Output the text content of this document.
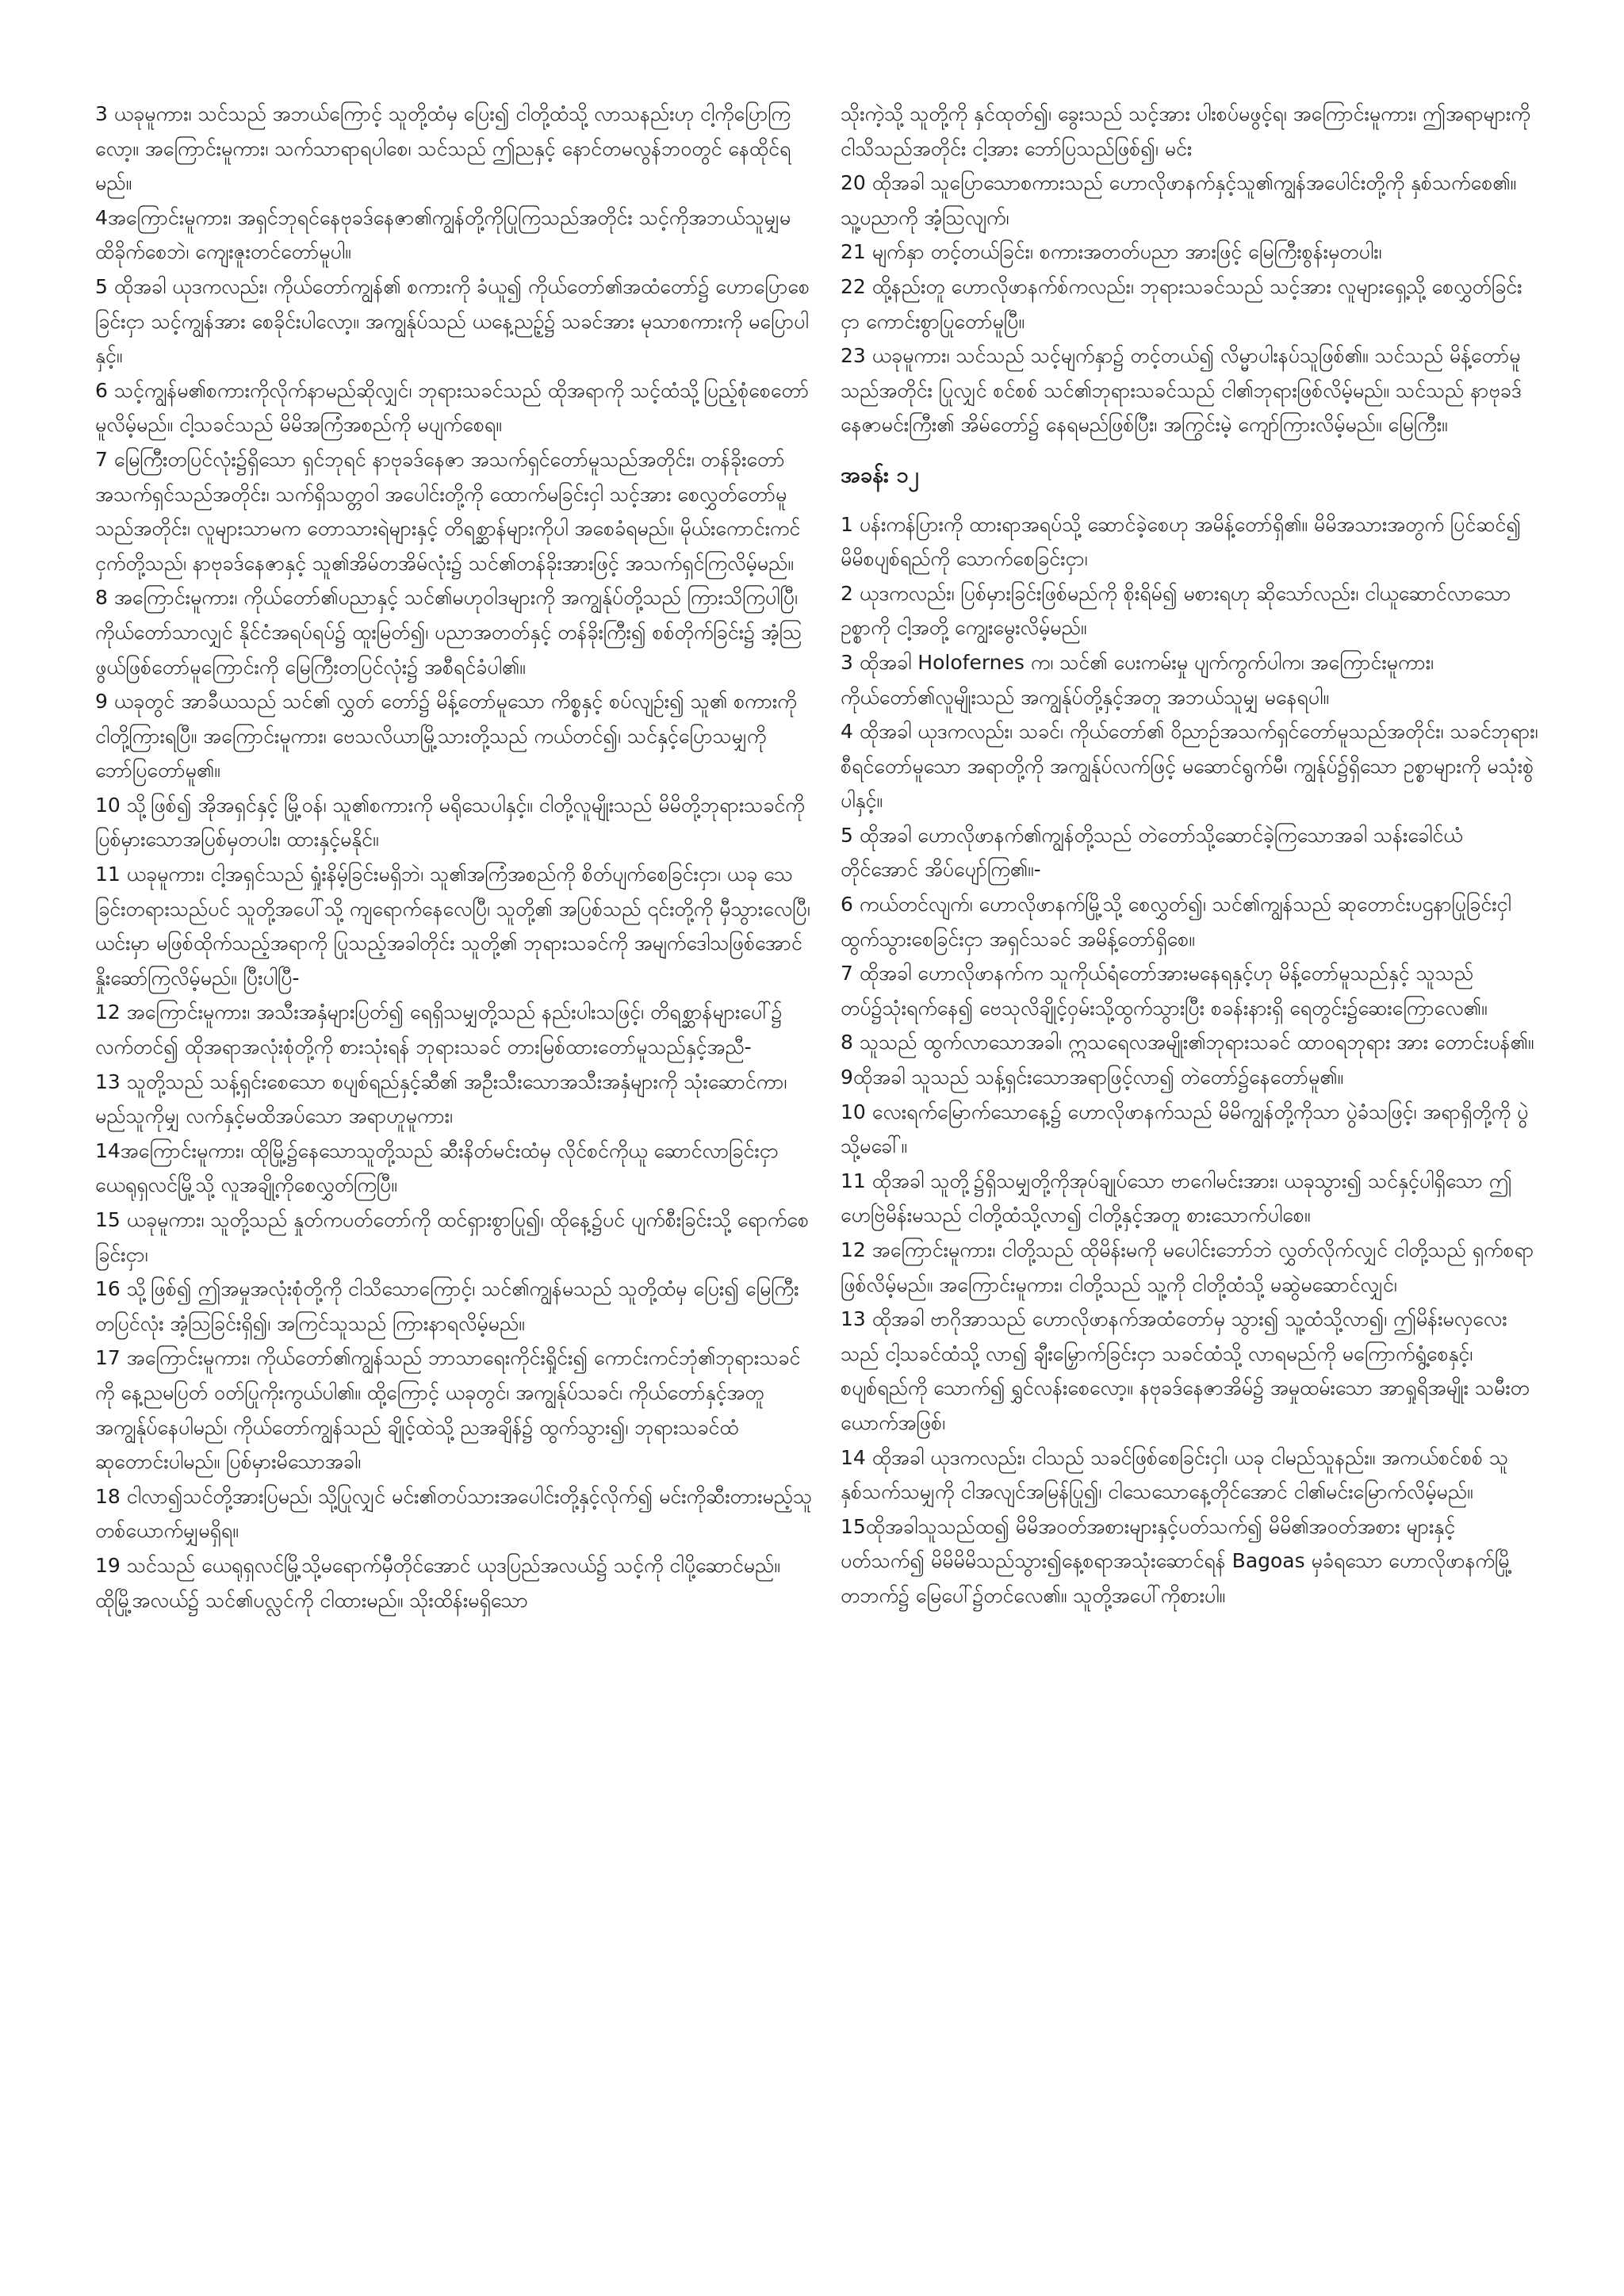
3 ယခုမူကား၊ သင်သည် အဘယ်ကြောင့် သူတို့ထံမှ ပြေး၍ ငါတို့ထံသို့ လာသနည်းဟု ငါ့ကိုပြောကြလော့။ အကြောင်းမူကား၊ သက်သာရာရပါစေ၊ သင်သည် ဤညနှင့် နောင်တမလွန်ဘဝတွင် နေထိုင်ရမည်။

4အကြောင်းမူကား၊ အရှင်ဘုရင်နေဗုခဒ်နေဇာ၏ကျွန်တို့ကိုပြုကြသည်အတိုင်း သင့်ကိုအဘယ်သူမျှမထိခိုက်စေဘဲ၊ ကျေးဇူးတင်တော်မူပါ။

5 ထိုအခါ ယုဒကလည်း၊ ကိုယ်တော်ကျွန်၏ စကားကို ခံယူ၍ ကိုယ်တော်၏အထံတော်၌ ဟောပြောစေခြင်းငှာ သင့်ကျွန်အား စေခိုင်းပါလော့။ အကျွန်ုပ်သည် ယနေ့ညဉ့်၌ သခင်အား မုသာစကားကို မပြောပါနှင့်။

6 သင့်ကျွန်မ၏စကားကိုလိုက်နာမည်ဆိုလျှင်၊ ဘုရားသခင်သည် ထိုအရာကို သင့်ထံသို့ပြည့်စုံစေတော်မူလိမ့်မည်။ ငါ့သခင်သည် မိမိအကြံအစည်ကို မပျက်စေရ။

7 မြေကြီးတပြင်လုံး၌ရှိသော ရှင်ဘုရင် နာဗုခဒ်နေဇာ အသက်ရှင်တော်မူသည်အတိုင်း၊ တန်ခိုးတော်အသက်ရှင်သည်အတိုင်း၊ သက်ရှိသတ္တဝါ အပေါင်းတို့ကို ထောက်မခြင်းငှါ သင့်အား စေလွှတ်တော်မူသည်အတိုင်း၊ လူများသာမက တောသားရဲများနှင့် တိရစ္ဆာန်များကိုပါ အစေခံရမည်။ မိုယ်းကောင်းကင်ငှက်တို့သည်၊ နာဗုခဒ်နေဇာနှင့် သူ၏အိမ်တအိမ်လုံး၌ သင်၏တန်ခိုးအားဖြင့် အသက်ရှင်ကြလိမ့်မည်။

8 အကြောင်းမူကား၊ ကိုယ်တော်၏ပညာနှင့် သင်၏မဟုဝါဒများကို အကျွန်ုပ်တို့သည် ကြားသိကြပါပြီ၊ ကိုယ်တော်သာလျှင် နိုင်ငံအရပ်ရပ်၌ ထူးမြတ်၍၊ ပညာအတတ်နှင့် တန်ခိုးကြီး၍ စစ်တိုက်ခြင်း၌ အံ့သြဖွယ်ဖြစ်တော်မူကြောင်းကို မြေကြီးတပြင်လုံး၌ အစီရင်ခံပါ၏။

9 ယခုတွင် အာခီယသည် သင်၏ လွှတ် တော်၌ မိန့်တော်မူသော ကိစ္စနှင့် စပ်လျဉ်း၍ သူ၏ စကားကို ငါတို့ကြားရပြီ။ အကြောင်းမူကား၊ ဗေသလိယာမြို့သားတို့သည် ကယ်တင်၍၊ သင်နှင့်ပြောသမျှကို ဘော်ပြတော်မူ၏။

10 သို့ဖြစ်၍ အိုအရှင်နှင့် မြို့ဝန်၊ သူ၏စကားကို မရိုသေပါနှင့်။ ငါတို့လူမျိုးသည် မိမိတို့ဘုရားသခင်ကို ပြစ်မှားသောအပြစ်မှတပါး၊ ထားနှင့်မနိုင်။

11 ယခုမူကား၊ ငါ့အရှင်သည် ရှုံးနိမ့်ခြင်းမရှိဘဲ၊ သူ၏အကြံအစည်ကို စိတ်ပျက်စေခြင်းငှာ၊ ယခု သေခြင်းတရားသည်ပင် သူတို့အပေါ်သို့ ကျရောက်နေလေပြီ၊ သူတို့၏ အပြစ်သည် ၎င်းတို့ကို မှီသွားလေပြီ၊ ယင်းမှာ မဖြစ်ထိုက်သည့်အရာကို ပြုသည့်အခါတိုင်း သူတို့၏ ဘုရားသခင်ကို အမျက်ဒေါသဖြစ်အောင် နှိုးဆော်ကြလိမ့်မည်။ ပြီးပါပြီ-

12 အကြောင်းမူကား၊ အသီးအနှံများပြတ်၍ ရေရှိသမျှတို့သည် နည်းပါးသဖြင့်၊ တိရစ္ဆာန်များပေါ်၌ လက်တင်၍ ထိုအရာအလုံးစုံတို့ကို စားသုံးရန် ဘုရားသခင် တားမြစ်ထားတော်မူသည်နှင့်အညီ-

13 သူတို့သည် သန့်ရှင်းစေသော စပျစ်ရည်နှင့်ဆီ၏ အဦးသီးသောအသီးအနှံများကို သုံးဆောင်ကာ၊ မည်သူကိုမျှ လက်နှင့်မထိအပ်သော အရာဟူမူကား၊

14အကြောင်းမူကား၊ ထိုမြို့၌နေသောသူတို့သည် ဆီးနိတ်မင်းထံမှ လိုင်စင်ကိုယူ ဆောင်လာခြင်းငှာ ယေရုရှလင်မြို့သို့ လူအချို့ကိုစေလွှတ်ကြပြီ။

15 ယခုမူကား၊ သူတို့သည် နှုတ်ကပတ်တော်ကို ထင်ရှားစွာပြု၍၊ ထိုနေ့၌ပင် ပျက်စီးခြင်းသို့ ရောက်စေခြင်းငှာ၊

16 သို့ဖြစ်၍ ဤအမှုအလုံးစုံတို့ကို ငါသိသောကြောင့်၊ သင်၏ကျွန်မသည် သူတို့ထံမှ ပြေး၍ မြေကြီးတပြင်လုံး အံ့သြခြင်းရှိ၍၊ အကြင်သူသည် ကြားနာရလိမ့်မည်။

17 အကြောင်းမူကား၊ ကိုယ်တော်၏ကျွန်သည် ဘာသာရေးကိုင်းရှိုင်း၍ ကောင်းကင်ဘုံ၏ဘုရားသခင်ကို နေ့ညမပြတ် ဝတ်ပြုကိုးကွယ်ပါ၏။ ထို့ကြောင့် ယခုတွင်၊ အကျွန်ုပ်သခင်၊ ကိုယ်တော်နှင့်အတူ အကျွန်ုပ်နေပါမည်၊ ကိုယ်တော်ကျွန်သည် ချိုင့်ထဲသို့ ညအချိန်၌ ထွက်သွား၍၊ ဘုရားသခင်ထံ ဆုတောင်းပါမည်။ ပြစ်မှားမိသောအခါ၊

18 ငါလာ၍သင်တို့အားပြမည်၊ သို့ပြုလျှင် မင်း၏တပ်သားအပေါင်းတို့နှင့်လိုက်၍ မင်းကိုဆီးတားမည့်သူတစ်ယောက်မျှမရှိရ။

19 သင်သည် ယေရုရှလင်မြို့သို့မရောက်မှီတိုင်အောင် ယုဒပြည်အလယ်၌ သင့်ကို ငါပို့ဆောင်မည်။ ထိုမြို့အလယ်၌ သင်၏ပလ္လင်ကို ငါထားမည်။ သိုးထိန်းမရှိသော

သိုးကဲ့သို့ သူတို့ကို နှင်ထုတ်၍၊ ခွေးသည် သင့်အား ပါးစပ်မဖွင့်ရ၊ အကြောင်းမူကား၊ ဤအရာများကို ငါသိသည်အတိုင်း ငါ့အား ဘော်ပြသည်ဖြစ်၍၊ မင်း

20 ထိုအခါ သူပြောသောစကားသည် ဟောလိုဖာနက်နှင့်သူ၏ကျွန်အပေါင်းတို့ကို နှစ်သက်စေ၏။ သူ့ပညာကို အံ့သြလျက်၊

21 မျက်နှာ တင့်တယ်ခြင်း၊ စကားအတတ်ပညာ အားဖြင့် မြေကြီးစွန်းမှတပါး၊

22 ထို့နည်းတူ ဟောလိုဖာနက်စ်ကလည်း၊ ဘုရားသခင်သည် သင့်အား လူများရှေ့သို့ စေလွှတ်ခြင်းငှာ ကောင်းစွာပြုတော်မူပြီ။

23 ယခုမူကား၊ သင်သည် သင့်မျက်နှာ၌ တင့်တယ်၍ လိမ္မာပါးနပ်သူဖြစ်၏။ သင်သည် မိန့်တော်မူသည်အတိုင်း ပြုလျှင် စင်စစ် သင်၏ဘုရားသခင်သည် ငါ၏ဘုရားဖြစ်လိမ့်မည်။ သင်သည် နာဗုခဒ်နေဇာမင်းကြီး၏ အိမ်တော်၌ နေရမည်ဖြစ်ပြီး၊ အကြွင်းမဲ့ ကျော်ကြားလိမ့်မည်။ မြေကြီး။

အခန်း ၁၂

1 ပန်းကန်ပြားကို ထားရာအရပ်သို့ ဆောင်ခဲ့စေဟု အမိန့်တော်ရှိ၏။ မိမိအသားအတွက် ပြင်ဆင်၍ မိမိစပျစ်ရည်ကို သောက်စေခြင်းငှာ၊

2 ယုဒကလည်း၊ ပြစ်မှားခြင်းဖြစ်မည်ကို စိုးရိမ်၍ မစားရဟု ဆိုသော်လည်း၊ ငါယူဆောင်လာသော ဥစ္စာကို ငါ့အတို့ ကျွေးမွေးလိမ့်မည်။

3 ထိုအခါ Holofernes က၊ သင်၏ ပေးကမ်းမှု ပျက်ကွက်ပါက၊ အကြောင်းမူကား၊ ကိုယ်တော်၏လူမျိုးသည် အကျွန်ုပ်တို့နှင့်အတူ အဘယ်သူမျှ မနေရပါ။

4 ထိုအခါ ယုဒကလည်း၊ သခင်၊ ကိုယ်တော်၏ ဝိညာဉ်အသက်ရှင်တော်မူသည်အတိုင်း၊ သခင်ဘုရား၊ စီရင်တော်မူသော အရာတို့ကို အကျွန်ုပ်လက်ဖြင့် မဆောင်ရွက်မီ၊ ကျွန်ုပ်၌ရှိသော ဥစ္စာများကို မသုံးစွဲပါနှင့်။

5 ထိုအခါ ဟောလိုဖာနက်၏ကျွန်တို့သည် တဲတော်သို့ဆောင်ခဲ့ကြသောအခါ သန်းခေါင်ယံတိုင်အောင် အိပ်ပျော်ကြ၏။-

6 ကယ်တင်လျက်၊ ဟောလိုဖာနက်မြို့သို့ စေလွှတ်၍၊ သင်၏ကျွန်သည် ဆုတောင်းပဌနာပြုခြင်းငှါ ထွက်သွားစေခြင်းငှာ အရှင်သခင် အမိန့်တော်ရှိစေ။

7 ထိုအခါ ဟောလိုဖာနက်က သူကိုယ်ရံတော်အားမနေရနှင့်ဟု မိန့်တော်မူသည်နှင့် သူသည် တပ်၌သုံးရက်နေ၍ ဗေသုလိချိုင့်ဝှမ်းသို့ထွက်သွားပြီး စခန်းနားရှိ ရေတွင်း၌ဆေးကြောလေ၏။

8 သူသည် ထွက်လာသောအခါ၊ ဣသရေလအမျိုး၏ဘုရားသခင် ထာဝရဘုရား အား တောင်းပန်၏။

9ထိုအခါ သူသည် သန့်ရှင်းသောအရာဖြင့်လာ၍ တဲတော်၌နေတော်မူ၏။

10 လေးရက်မြောက်သောနေ့၌ ဟောလိုဖာနက်သည် မိမိကျွန်တို့ကိုသာ ပွဲခံသဖြင့်၊ အရာရှိတို့ကို ပွဲသို့မခေါ်။

11 ထိုအခါ သူတို့၌ရှိသမျှတို့ကိုအုပ်ချုပ်သော ဗာဂေါမင်းအား၊ ယခုသွား၍ သင်နှင့်ပါရှိသော ဤဟေဗြဲမိန်းမသည် ငါတို့ထံသို့လာ၍ ငါတို့နှင့်အတူ စားသောက်ပါစေ။

12 အကြောင်းမူကား၊ ငါတို့သည် ထိုမိန်းမကို မပေါင်းဘော်ဘဲ လွှတ်လိုက်လျှင် ငါတို့သည် ရှက်စရာဖြစ်လိမ့်မည်။ အကြောင်းမူကား၊ ငါတို့သည် သူ့ကို ငါတို့ထံသို့ မဆွဲမဆောင်လျှင်၊

13 ထိုအခါ ဗာဂိုအာသည် ဟောလိုဖာနက်အထံတော်မှ သွား၍ သူ့ထံသို့လာ၍၊ ဤမိန်းမလှလေးသည် ငါ့သခင်ထံသို့ လာ၍ ချီးမြှောက်ခြင်းငှာ သခင်ထံသို့ လာရမည်ကို မကြောက်ရွံ့စေနှင့်၊ စပျစ်ရည်ကို သောက်၍ ရွှင်လန်းစေလော့။ နဗုခဒ်နေဇာအိမ်၌ အမှုထမ်းသော အာရှုရိအမျိုး သမီးတယောက်အဖြစ်၊

14 ထိုအခါ ယုဒကလည်း၊ ငါသည် သခင်ဖြစ်စေခြင်းငှါ၊ ယခု ငါမည်သူနည်း။ အကယ်စင်စစ် သူနှစ်သက်သမျှကို ငါအလျင်အမြန်ပြု၍၊ ငါသေသောနေ့တိုင်အောင် ငါ၏မင်းမြောက်လိမ့်မည်။

15ထိုအခါသူသည်ထ၍ မိမိအဝတ်အစားများနှင့်ပတ်သက်၍ မိမိ၏အဝတ်အစား များနှင့်ပတ်သက်၍ မိမိမိမိသည်သွား၍နေ့စရာအသုံးဆောင်ရန် Bagoas မှခံရသော ဟောလိုဖာနက်မြို့တဘက်၌ မြေပေါ်၌တင်လေ၏။ သူတို့အပေါ်ကိုစားပါ။
